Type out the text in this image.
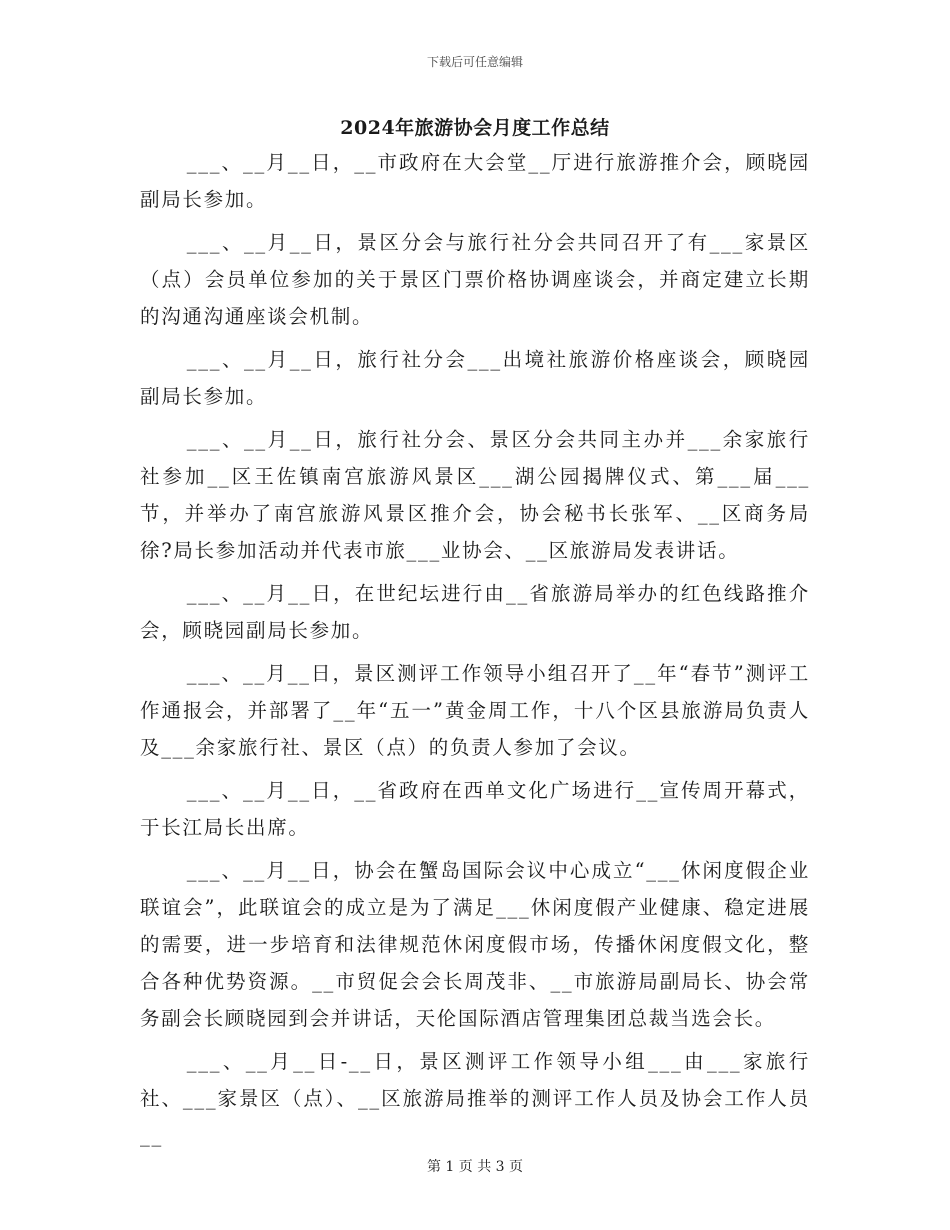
下载后可任意编辑
2024年旅游协会月度工作总结

___、__月__日，__市政府在大会堂__厅进行旅游推介会，顾晓园副局长参加。

___、__月__日，景区分会与旅行社分会共同召开了有___家景区（点）会员单位参加的关于景区门票价格协调座谈会，并商定建立长期的沟通沟通座谈会机制。

___、__月__日，旅行社分会___出境社旅游价格座谈会，顾晓园副局长参加。

___、__月__日，旅行社分会、景区分会共同主办并___余家旅行社参加__区王佐镇南宫旅游风景区___湖公园揭牌仪式、第___届___节，并举办了南宫旅游风景区推介会，协会秘书长张军、__区商务局徐?局长参加活动并代表市旅___业协会、__区旅游局发表讲话。

___、__月__日，在世纪坛进行由__省旅游局举办的红色线路推介会，顾晓园副局长参加。

___、__月__日，景区测评工作领导小组召开了__年“春节”测评工作通报会，并部署了__年“五一”黄金周工作，十八个区县旅游局负责人及___余家旅行社、景区（点）的负责人参加了会议。

___、__月__日，__省政府在西单文化广场进行__宣传周开幕式，于长江局长出席。

___、__月__日，协会在蟹岛国际会议中心成立“___休闲度假企业联谊会”，此联谊会的成立是为了满足___休闲度假产业健康、稳定进展的需要，进一步培育和法律规范休闲度假市场，传播休闲度假文化，整合各种优势资源。__市贸促会会长周茂非、__市旅游局副局长、协会常务副会长顾晓园到会并讲话，天伦国际酒店管理集团总裁当选会长。

___、__月__日-__日，景区测评工作领导小组___由___家旅行社、___家景区（点）、__区旅游局推举的测评工作人员及协会工作人员__

第 1 页 共 3 页
